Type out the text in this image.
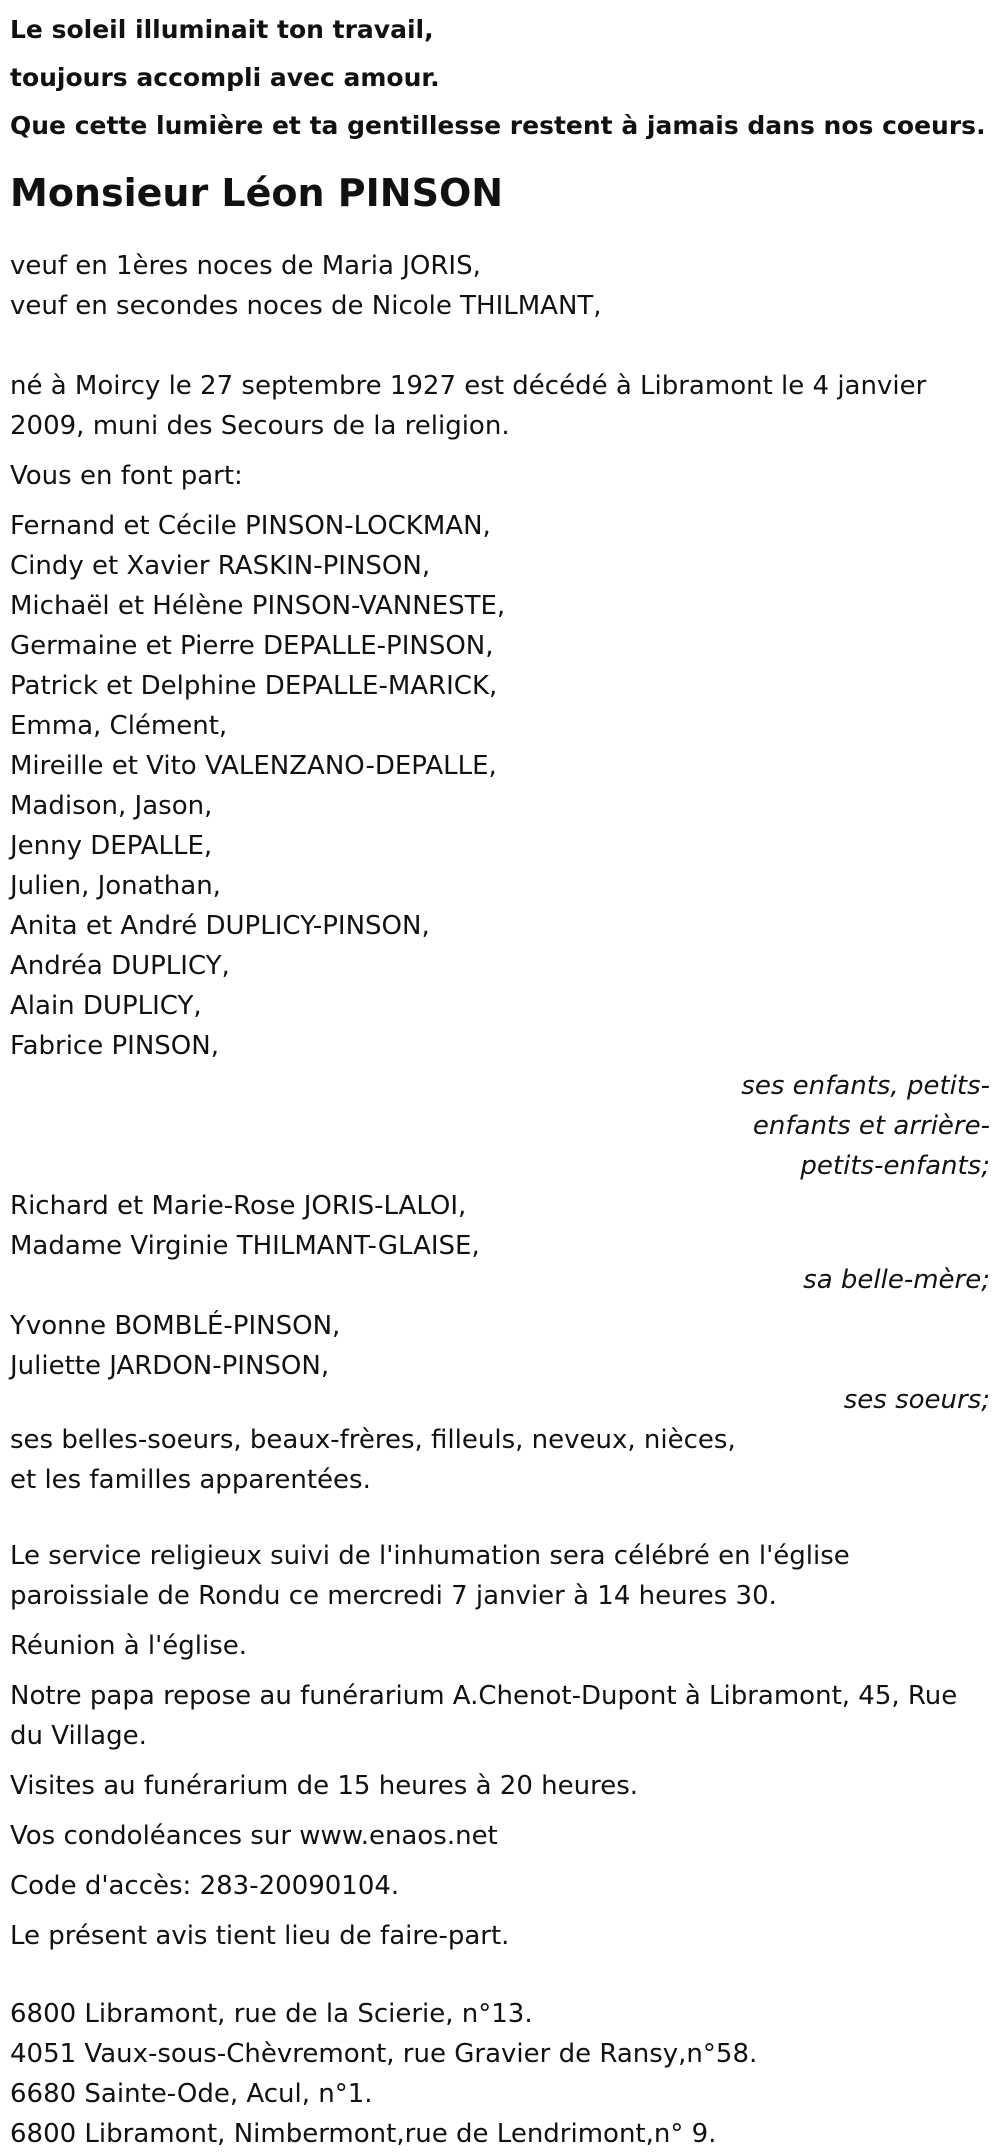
Le soleil illuminait ton travail,
toujours accompli avec amour.
Que cette lumière et ta gentillesse restent à jamais dans nos coeurs.
Monsieur Léon PINSON
veuf en 1ères noces de Maria JORIS,
veuf en secondes noces de Nicole THILMANT,
né à Moircy le 27 septembre 1927 est décédé à Libramont le 4 janvier
2009, muni des Secours de la religion.
Vous en font part:
Fernand et Cécile PINSON-LOCKMAN,
Cindy et Xavier RASKIN-PINSON,
Michaël et Hélène PINSON-VANNESTE,
Germaine et Pierre DEPALLE-PINSON,
Patrick et Delphine DEPALLE-MARICK,
Emma, Clément,
Mireille et Vito VALENZANO-DEPALLE,
Madison, Jason,
Jenny DEPALLE,
Julien, Jonathan,
Anita et André DUPLICY-PINSON,
Andréa DUPLICY,
Alain DUPLICY,
Fabrice PINSON,
ses enfants, petits-
enfants et arrière-
petits-enfants;
Richard et Marie-Rose JORIS-LALOI,
Madame Virginie THILMANT-GLAISE,
sa belle-mère;
Yvonne BOMBLÉ-PINSON,
Juliette JARDON-PINSON,
ses soeurs;
ses belles-soeurs, beaux-frères, filleuls, neveux, nièces,
et les familles apparentées.
Le service religieux suivi de l'inhumation sera célébré en l'église
paroissiale de Rondu ce mercredi 7 janvier à 14 heures 30.
Réunion à l'église.
Notre papa repose au funérarium A.Chenot-Dupont à Libramont, 45, Rue
du Village.
Visites au funérarium de 15 heures à 20 heures.
Vos condoléances sur www.enaos.net
Code d'accès: 283-20090104.
Le présent avis tient lieu de faire-part.
6800 Libramont, rue de la Scierie, n°13.
4051 Vaux-sous-Chèvremont, rue Gravier de Ransy,n°58.
6680 Sainte-Ode, Acul, n°1.
6800 Libramont, Nimbermont,rue de Lendrimont,n° 9.
